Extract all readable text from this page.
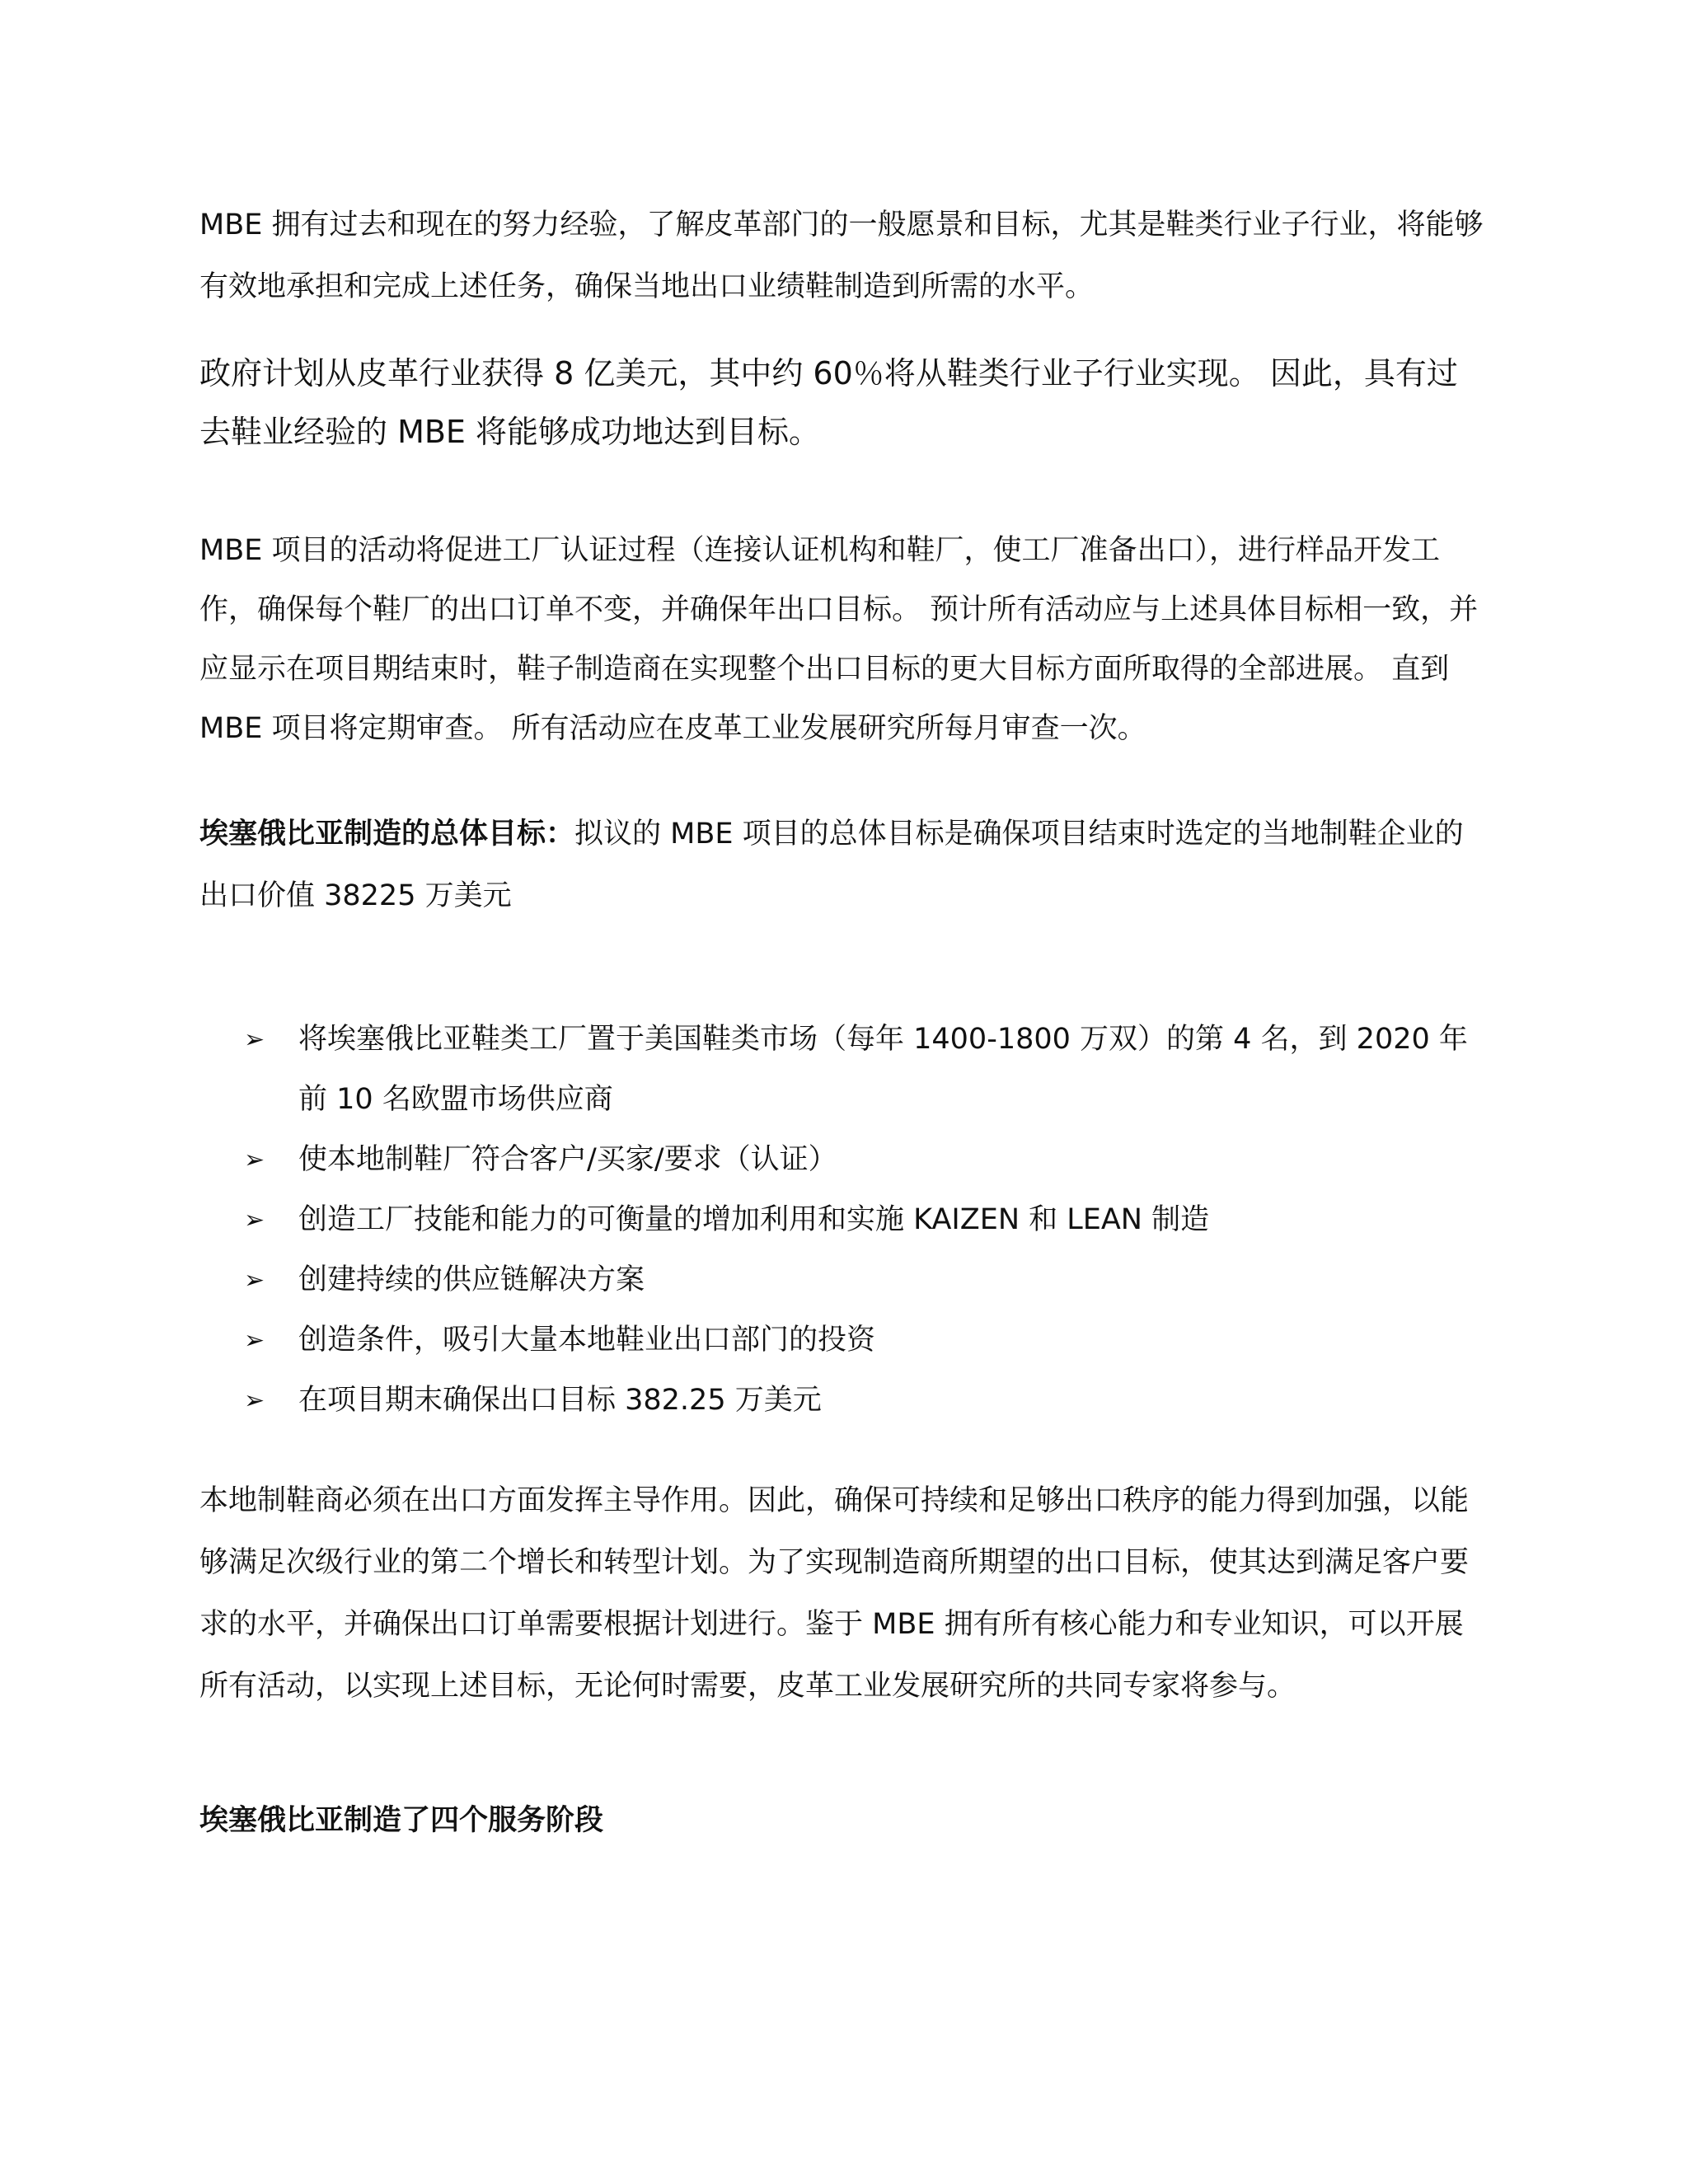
MBE 拥有过去和现在的努力经验，了解皮革部门的一般愿景和目标，尤其是鞋类行业子行业，将能够有效地承担和完成上述任务，确保当地出口业绩鞋制造到所需的水平。

政府计划从皮革行业获得 8 亿美元，其中约 60％将从鞋类行业子行业实现。 因此，具有过去鞋业经验的 MBE 将能够成功地达到目标。

MBE 项目的活动将促进工厂认证过程（连接认证机构和鞋厂，使工厂准备出口），进行样品开发工作，确保每个鞋厂的出口订单不变，并确保年出口目标。 预计所有活动应与上述具体目标相一致，并应显示在项目期结束时，鞋子制造商在实现整个出口目标的更大目标方面所取得的全部进展。 直到 MBE 项目将定期审查。 所有活动应在皮革工业发展研究所每月审查一次。

埃塞俄比亚制造的总体目标：拟议的 MBE 项目的总体目标是确保项目结束时选定的当地制鞋企业的出口价值 38225 万美元

➢	将埃塞俄比亚鞋类工厂置于美国鞋类市场（每年 1400-1800 万双）的第 4 名，到 2020 年前 10 名欧盟市场供应商
➢	使本地制鞋厂符合客户/买家/要求（认证）
➢	创造工厂技能和能力的可衡量的增加利用和实施 KAIZEN 和 LEAN 制造
➢	创建持续的供应链解决方案
➢	创造条件，吸引大量本地鞋业出口部门的投资
➢	在项目期末确保出口目标 382.25 万美元

本地制鞋商必须在出口方面发挥主导作用。因此，确保可持续和足够出口秩序的能力得到加强，以能够满足次级行业的第二个增长和转型计划。为了实现制造商所期望的出口目标，使其达到满足客户要求的水平，并确保出口订单需要根据计划进行。鉴于 MBE 拥有所有核心能力和专业知识，可以开展所有活动，以实现上述目标，无论何时需要，皮革工业发展研究所的共同专家将参与。

埃塞俄比亚制造了四个服务阶段
